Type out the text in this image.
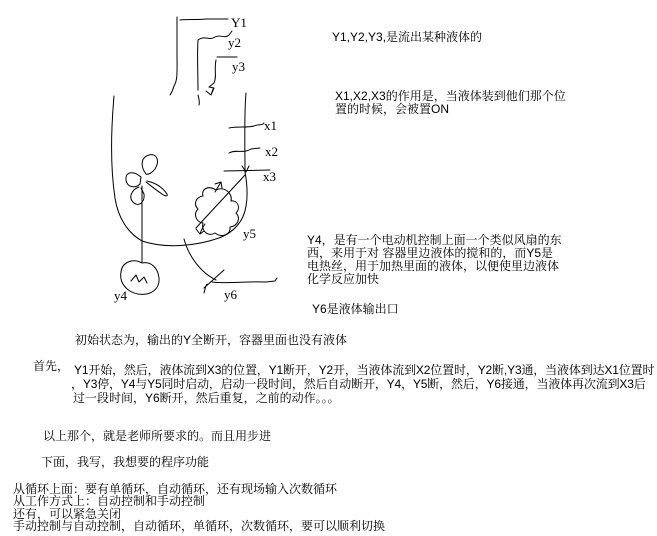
Y1
y2
y3
x1
x2
x3
y4
y5
y6
Y1,Y2,Y3,是流出某种液体的
X1,X2,X3的作用是，当液体装到他们那个位
置的时候，会被置ON
Y4，是有一个电动机控制上面一个类似风扇的东
西，来用于对 容器里边液体的搅和的，而Y5是
电热丝，用于加热里面的液体，以便使里边液体
化学反应加快
Y6是液体输出口
初始状态为，输出的Y全断开，容器里面也没有液体
首先， Y1开始，然后，液体流到X3的位置，Y1断开，Y2开，当液体流到X2位置时，Y2断,Y3通，当液体到达X1位置时
，Y3停，Y4与Y5同时启动，启动一段时间，然后自动断开，Y4，Y5断，然后，Y6接通，当液体再次流到X3后
过一段时间，Y6断开，然后重复，之前的动作。。。
以上那个，就是老师所要求的。而且用步进
下面，我写，我想要的程序功能
从循环上面：要有单循环，自动循环，还有现场输入次数循环
从工作方式上：自动控制和手动控制
还有，可以紧急关闭
手动控制与自动控制，自动循环，单循环，次数循环，要可以顺利切换
